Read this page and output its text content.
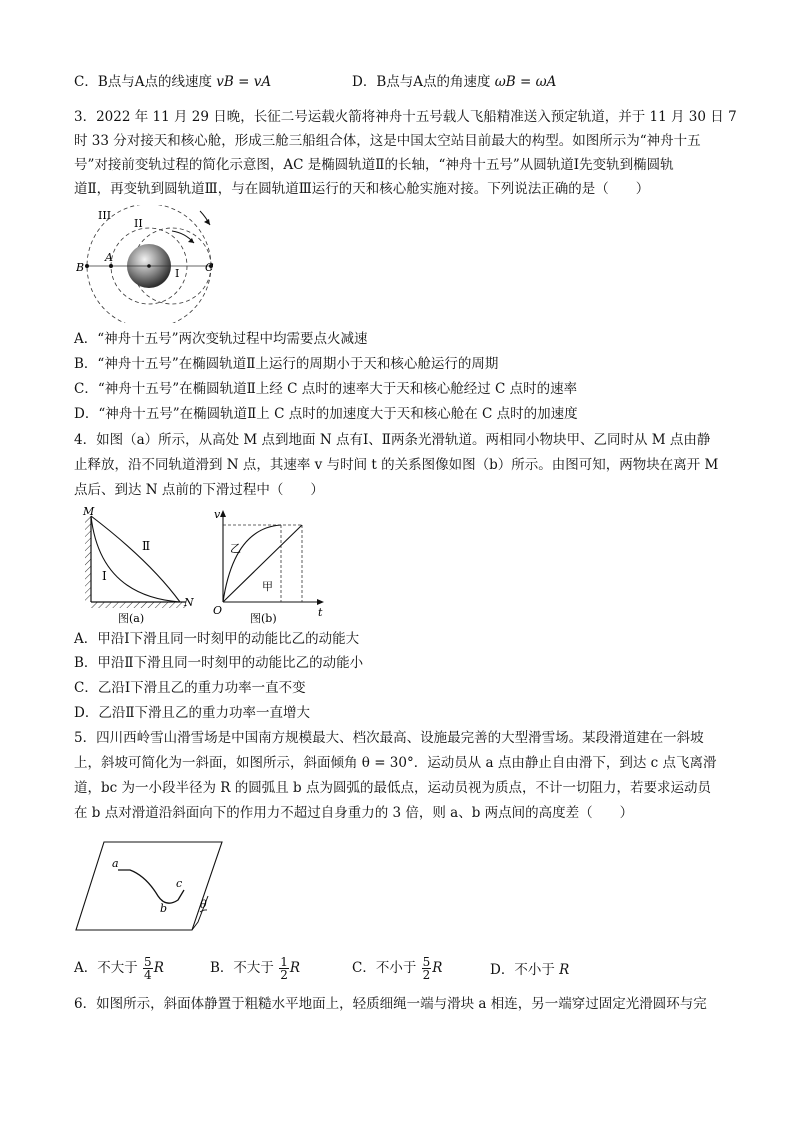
C．B点与A点的线速度 vB = vA	D．B点与A点的角速度 ωB = ωA
3．2022 年 11 月 29 日晚，长征二号运载火箭将神舟十五号载人飞船精准送入预定轨道，并于 11 月 30 日 7
时 33 分对接天和核心舱，形成三舱三船组合体，这是中国太空站目前最大的构型。如图所示为“神舟十五
号”对接前变轨过程的简化示意图，AC 是椭圆轨道Ⅱ的长轴，“神舟十五号”从圆轨道Ⅰ先变轨到椭圆轨
道Ⅱ，再变轨到圆轨道Ⅲ，与在圆轨道Ⅲ运行的天和核心舱实施对接。下列说法正确的是（　　）
III
II
I
A
B	C
A．“神舟十五号”两次变轨过程中均需要点火减速
B．“神舟十五号”在椭圆轨道Ⅱ上运行的周期小于天和核心舱运行的周期
C．“神舟十五号”在椭圆轨道Ⅱ上经 C 点时的速率大于天和核心舱经过 C 点时的速率
D．“神舟十五号”在椭圆轨道Ⅱ上 C 点时的加速度大于天和核心舱在 C 点时的加速度
4．如图（a）所示，从高处 M 点到地面 N 点有Ⅰ、Ⅱ两条光滑轨道。两相同小物块甲、乙同时从 M 点由静
止释放，沿不同轨道滑到 N 点，其速率 v 与时间 t 的关系图像如图（b）所示。由图可知，两物块在离开 M
点后、到达 N 点前的下滑过程中（　　）
M
N
I
Ⅱ
图(a)
v
t
O
乙
甲
图(b)
A．甲沿Ⅰ下滑且同一时刻甲的动能比乙的动能大
B．甲沿Ⅱ下滑且同一时刻甲的动能比乙的动能小
C．乙沿Ⅰ下滑且乙的重力功率一直不变
D．乙沿Ⅱ下滑且乙的重力功率一直增大
5．四川西岭雪山滑雪场是中国南方规模最大、档次最高、设施最完善的大型滑雪场。某段滑道建在一斜坡
上，斜坡可简化为一斜面，如图所示，斜面倾角 θ = 30°．运动员从 a 点由静止自由滑下，到达 c 点飞离滑
道，bc 为一小段半径为 R 的圆弧且 b 点为圆弧的最低点，运动员视为质点，不计一切阻力，若要求运动员
在 b 点对滑道沿斜面向下的作用力不超过自身重力的 3 倍，则 a、b 两点间的高度差（　　）
a
b
c
θ
A．不大于 $\frac{5}{4}$ R	B．不大于 $\frac{1}{2}$ R	C．不小于 $\frac{5}{2}$ R	D．不小于 R
6．如图所示，斜面体静置于粗糙水平地面上，轻质细绳一端与滑块 a 相连，另一端穿过固定光滑圆环与完
